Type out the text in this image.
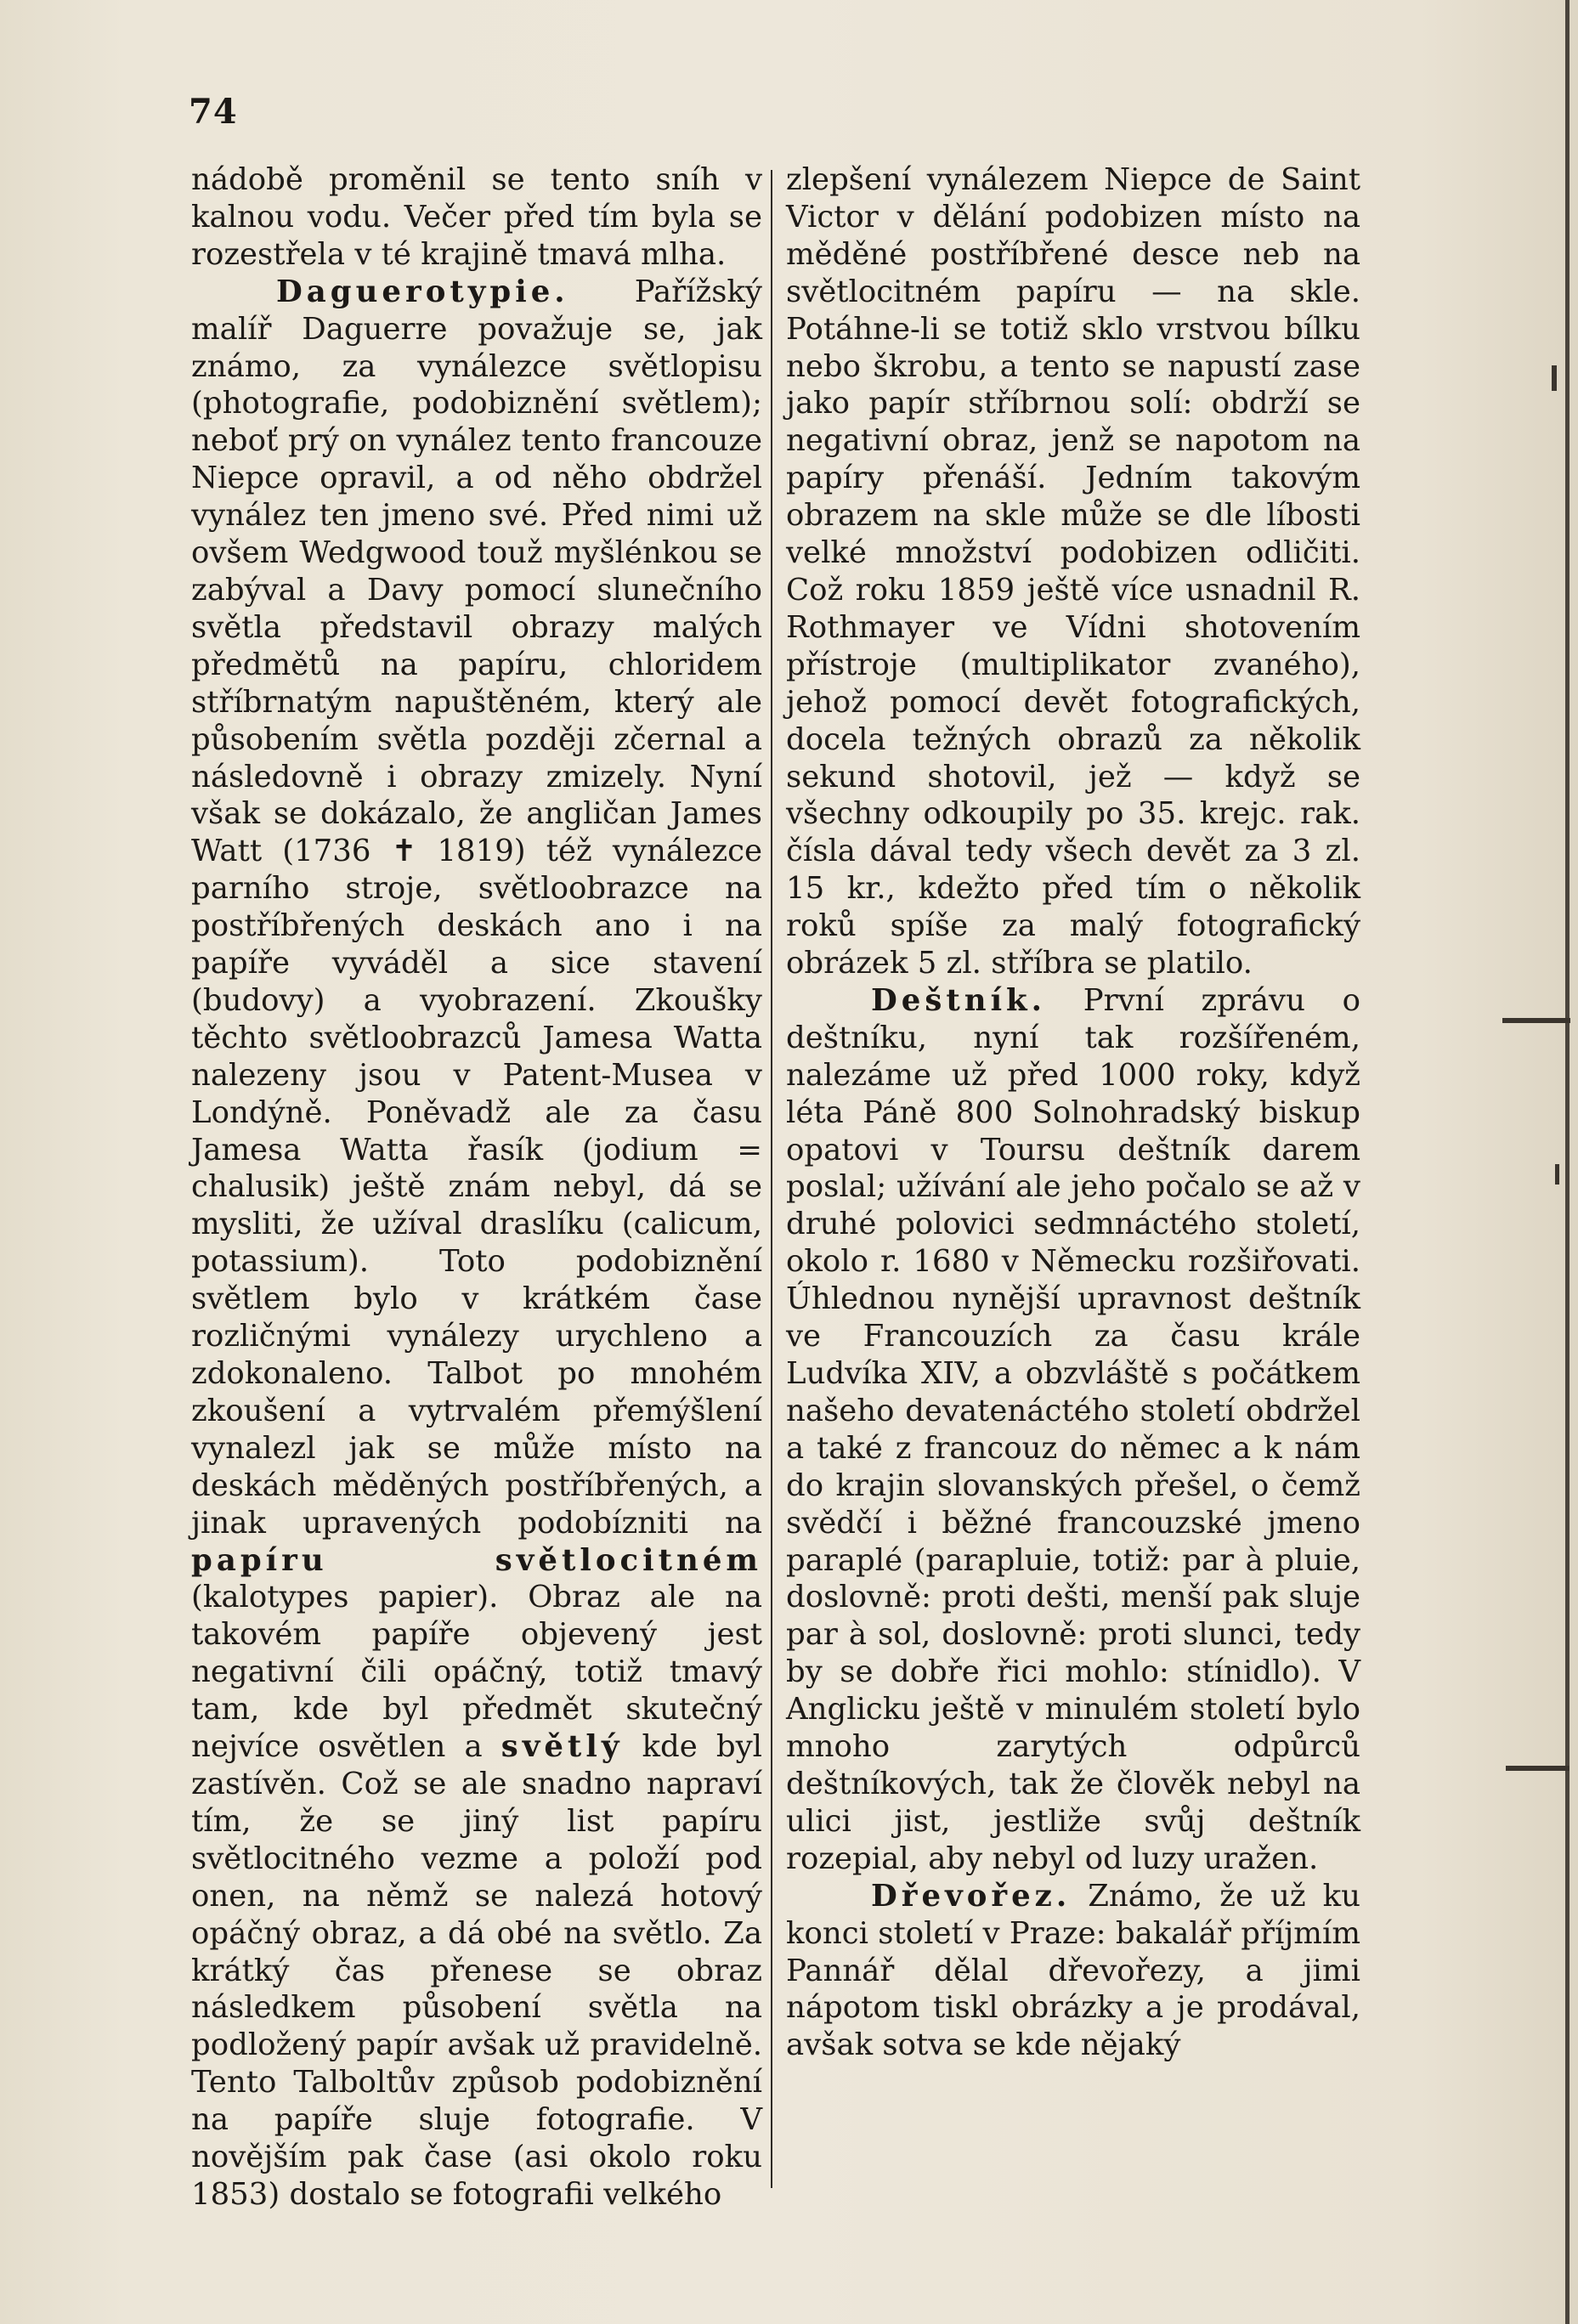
74
nádobě proměnil se tento sníh v kalnou vodu. Večer před tím byla se rozestřela v té krajině tmavá mlha.
Daguerotypie. Pařížský malíř Daguerre považuje se, jak známo, za vynálezce světlopisu (photografie, podobiznění světlem); neboť prý on vynález tento francouze Niepce opravil, a od něho obdržel vynález ten jmeno své. Před nimi už ovšem Wedgwood touž myšlénkou se zabýval a Davy pomocí slunečního světla představil obrazy malých předmětů na papíru, chloridem stříbrnatým napuštěném, který ale působením světla později zčernal a následovně i obrazy zmizely. Nyní však se dokázalo, že angličan James Watt (1736 ✝ 1819) též vynálezce parního stroje, světloobrazce na postříbřených deskách ano i na papíře vyváděl a sice stavení (budovy) a vyobrazení. Zkoušky těchto světloobrazců Jamesa Watta nalezeny jsou v Patent-Musea v Londýně. Poněvadž ale za času Jamesa Watta řasík (jodium = chalusik) ještě znám nebyl, dá se mysliti, že užíval draslíku (calicum, potassium). Toto podobiznění světlem bylo v krátkém čase rozličnými vynálezy urychleno a zdokonaleno. Talbot po mnohém zkoušení a vytrvalém přemýšlení vynalezl jak se může místo na deskách měděných postříbřených, a jinak upravených podobízniti na papíru světlocitném (kalotypes papier). Obraz ale na takovém papíře objevený jest negativní čili opáčný, totiž tmavý tam, kde byl předmět skutečný nejvíce osvětlen a světlý kde byl zastívěn. Což se ale snadno napraví tím, že se jiný list papíru světlocitného vezme a položí pod onen, na němž se nalezá hotový opáčný obraz, a dá obé na světlo. Za krátký čas přenese se obraz následkem působení světla na podložený papír avšak už pravidelně. Tento Talboltův způsob podobiznění na papíře sluje fotografie. V novějším pak čase (asi okolo roku 1853) dostalo se fotografii velkého
zlepšení vynálezem Niepce de Saint Victor v dělání podobizen místo na měděné postříbřené desce neb na světlocitném papíru — na skle. Potáhne-li se totiž sklo vrstvou bílku nebo škrobu, a tento se napustí zase jako papír stříbrnou solí: obdrží se negativní obraz, jenž se napotom na papíry přenáší. Jedním takovým obrazem na skle může se dle líbosti velké množství podobizen odličiti. Což roku 1859 ještě více usnadnil R. Rothmayer ve Vídni shotovením přístroje (multiplikator zvaného), jehož pomocí devět fotografických, docela težných obrazů za několik sekund shotovil, jež — když se všechny odkoupily po 35. krejc. rak. čísla dával tedy všech devět za 3 zl. 15 kr., kdežto před tím o několik roků spíše za malý fotografický obrázek 5 zl. stříbra se platilo.
Deštník. První zprávu o deštníku, nyní tak rozšířeném, nalezáme už před 1000 roky, když léta Páně 800 Solnohradský biskup opatovi v Toursu deštník darem poslal; užívání ale jeho počalo se až v druhé polovici sedmnáctého století, okolo r. 1680 v Německu rozšiřovati. Úhlednou nynější upravnost deštník ve Francouzích za času krále Ludvíka XIV, a obzvláště s počátkem našeho devatenáctého století obdržel a také z francouz do němec a k nám do krajin slovanských přešel, o čemž svědčí i běžné francouzské jmeno paraplé (parapluie, totiž: par à pluie, doslovně: proti dešti, menší pak sluje par à sol, doslovně: proti slunci, tedy by se dobře řici mohlo: stínidlo). V Anglicku ještě v minulém století bylo mnoho zarytých odpůrců deštníkových, tak že člověk nebyl na ulici jist, jestliže svůj deštník rozepial, aby nebyl od luzy uražen.
Dřevořez. Známo, že už ku konci století v Praze: bakalář příjmím Pannář dělal dřevořezy, a jimi nápotom tiskl obrázky a je prodával, avšak sotva se kde nějaký
